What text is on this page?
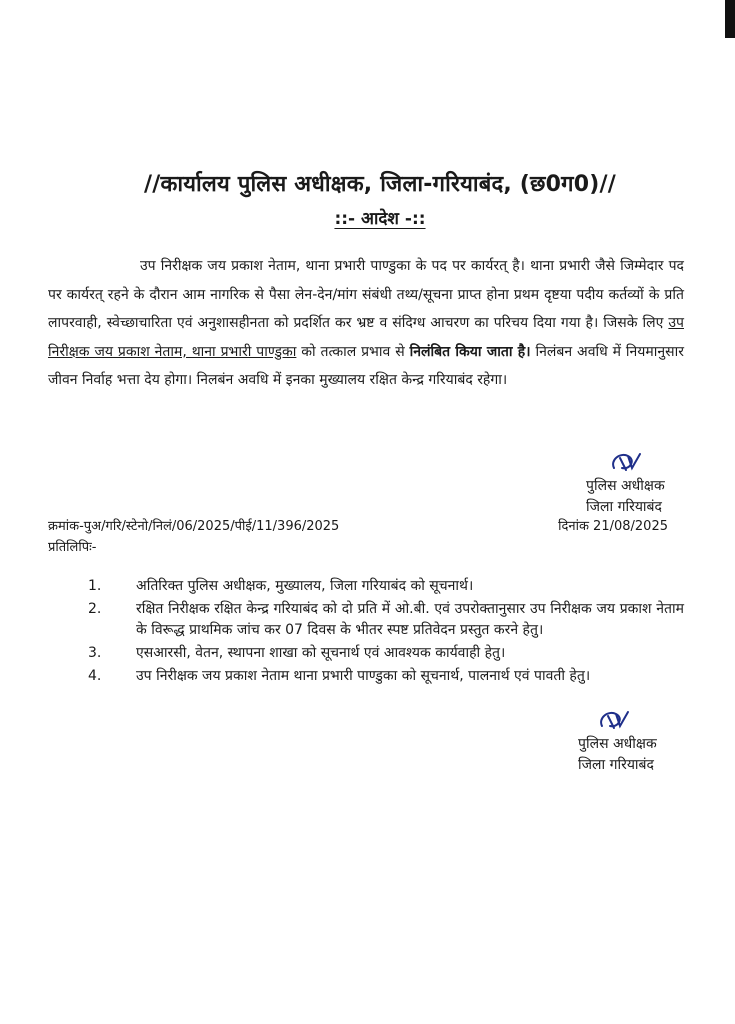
//कार्यालय पुलिस अधीक्षक, जिला-गरियाबंद, (छ0ग0)//
::- आदेश -::
उप निरीक्षक जय प्रकाश नेताम, थाना प्रभारी पाण्डुका के पद पर कार्यरत् है। थाना प्रभारी जैसे जिम्मेदार पद पर कार्यरत् रहने के दौरान आम नागरिक से पैसा लेन-देन/मांग संबंधी तथ्य/सूचना प्राप्त होना प्रथम दृष्टया पदीय कर्तव्यों के प्रति लापरवाही, स्वेच्छाचारिता एवं अनुशासहीनता को प्रदर्शित कर भ्रष्ट व संदिग्ध आचरण का परिचय दिया गया है। जिसके लिए उप निरीक्षक जय प्रकाश नेताम, थाना प्रभारी पाण्डुका को तत्काल प्रभाव से निलंबित किया जाता है। निलंबन अवधि में नियमानुसार जीवन निर्वाह भत्ता देय होगा। निलबंन अवधि में इनका मुख्यालय रक्षित केन्द्र गरियाबंद रहेगा।
पुलिस अधीक्षक
जिला गरियाबंद
क्रमांक-पुअ/गरि/स्टेनो/निलं/06/2025/पीई/11/396/2025	दिनांक 21/08/2025
प्रतिलिपिः-
1.	अतिरिक्त पुलिस अधीक्षक, मुख्यालय, जिला गरियाबंद को सूचनार्थ।
2.	रक्षित निरीक्षक रक्षित केन्द्र गरियाबंद को दो प्रति में ओ.बी. एवं उपरोक्तानुसार उप निरीक्षक जय प्रकाश नेताम के विरूद्ध प्राथमिक जांच कर 07 दिवस के भीतर स्पष्ट प्रतिवेदन प्रस्तुत करने हेतु।
3.	एसआरसी, वेतन, स्थापना शाखा को सूचनार्थ एवं आवश्यक कार्यवाही हेतु।
4.	उप निरीक्षक जय प्रकाश नेताम थाना प्रभारी पाण्डुका को सूचनार्थ, पालनार्थ एवं पावती हेतु।
पुलिस अधीक्षक
जिला गरियाबंद
